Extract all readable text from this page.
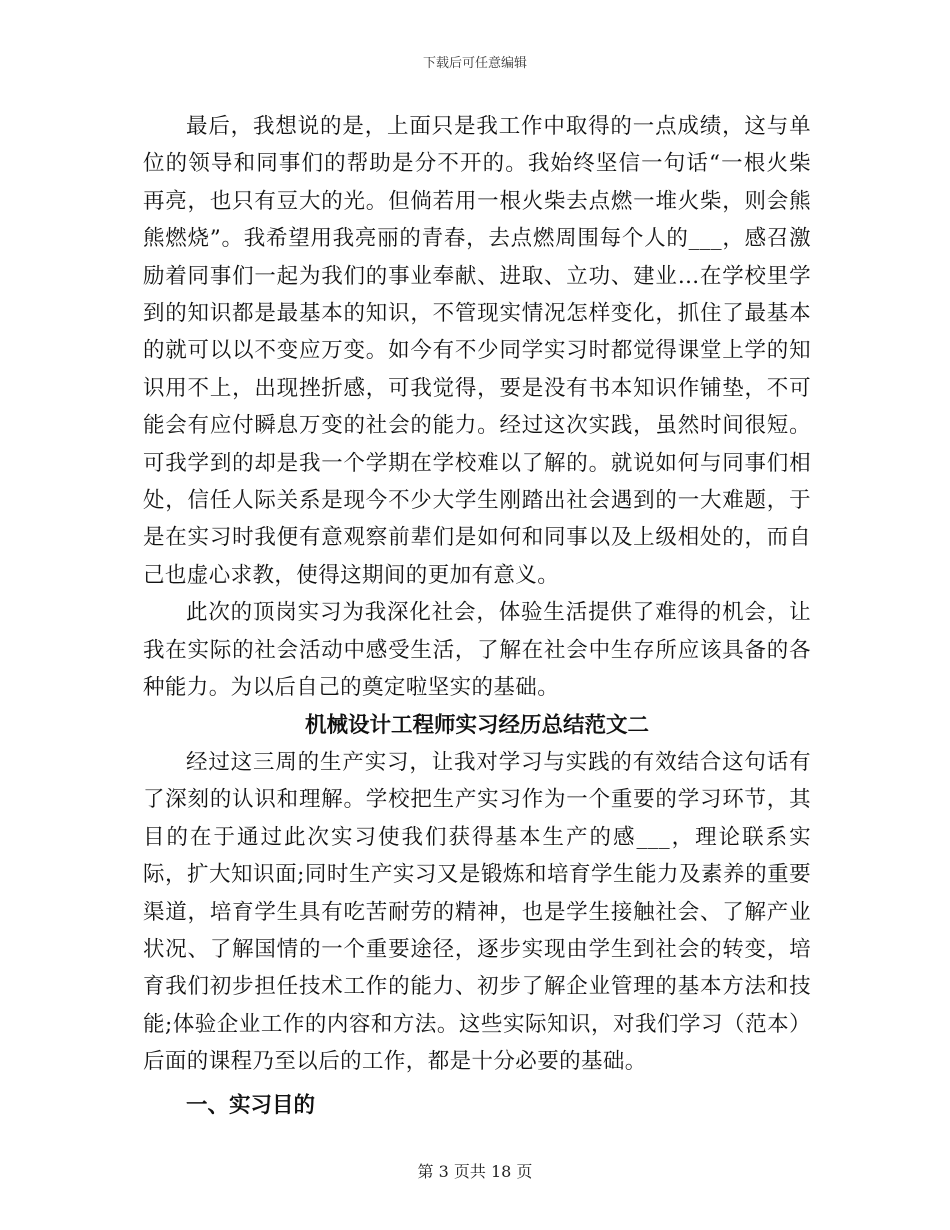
下载后可任意编辑

最后，我想说的是，上面只是我工作中取得的一点成绩，这与单位的领导和同事们的帮助是分不开的。我始终坚信一句话“一根火柴再亮，也只有豆大的光。但倘若用一根火柴去点燃一堆火柴，则会熊熊燃烧”。我希望用我亮丽的青春，去点燃周围每个人的___，感召激励着同事们一起为我们的事业奉献、进取、立功、建业…在学校里学到的知识都是最基本的知识，不管现实情况怎样变化，抓住了最基本的就可以以不变应万变。如今有不少同学实习时都觉得课堂上学的知识用不上，出现挫折感，可我觉得，要是没有书本知识作铺垫，不可能会有应付瞬息万变的社会的能力。经过这次实践，虽然时间很短。可我学到的却是我一个学期在学校难以了解的。就说如何与同事们相处，信任人际关系是现今不少大学生刚踏出社会遇到的一大难题，于是在实习时我便有意观察前辈们是如何和同事以及上级相处的，而自己也虚心求教，使得这期间的更加有意义。

此次的顶岗实习为我深化社会，体验生活提供了难得的机会，让我在实际的社会活动中感受生活，了解在社会中生存所应该具备的各种能力。为以后自己的奠定啦坚实的基础。

机械设计工程师实习经历总结范文二

经过这三周的生产实习，让我对学习与实践的有效结合这句话有了深刻的认识和理解。学校把生产实习作为一个重要的学习环节，其目的在于通过此次实习使我们获得基本生产的感___，理论联系实际，扩大知识面;同时生产实习又是锻炼和培育学生能力及素养的重要渠道，培育学生具有吃苦耐劳的精神，也是学生接触社会、了解产业状况、了解国情的一个重要途径，逐步实现由学生到社会的转变，培育我们初步担任技术工作的能力、初步了解企业管理的基本方法和技能;体验企业工作的内容和方法。这些实际知识，对我们学习（范本）后面的课程乃至以后的工作，都是十分必要的基础。

一、实习目的

第 3 页共 18 页
